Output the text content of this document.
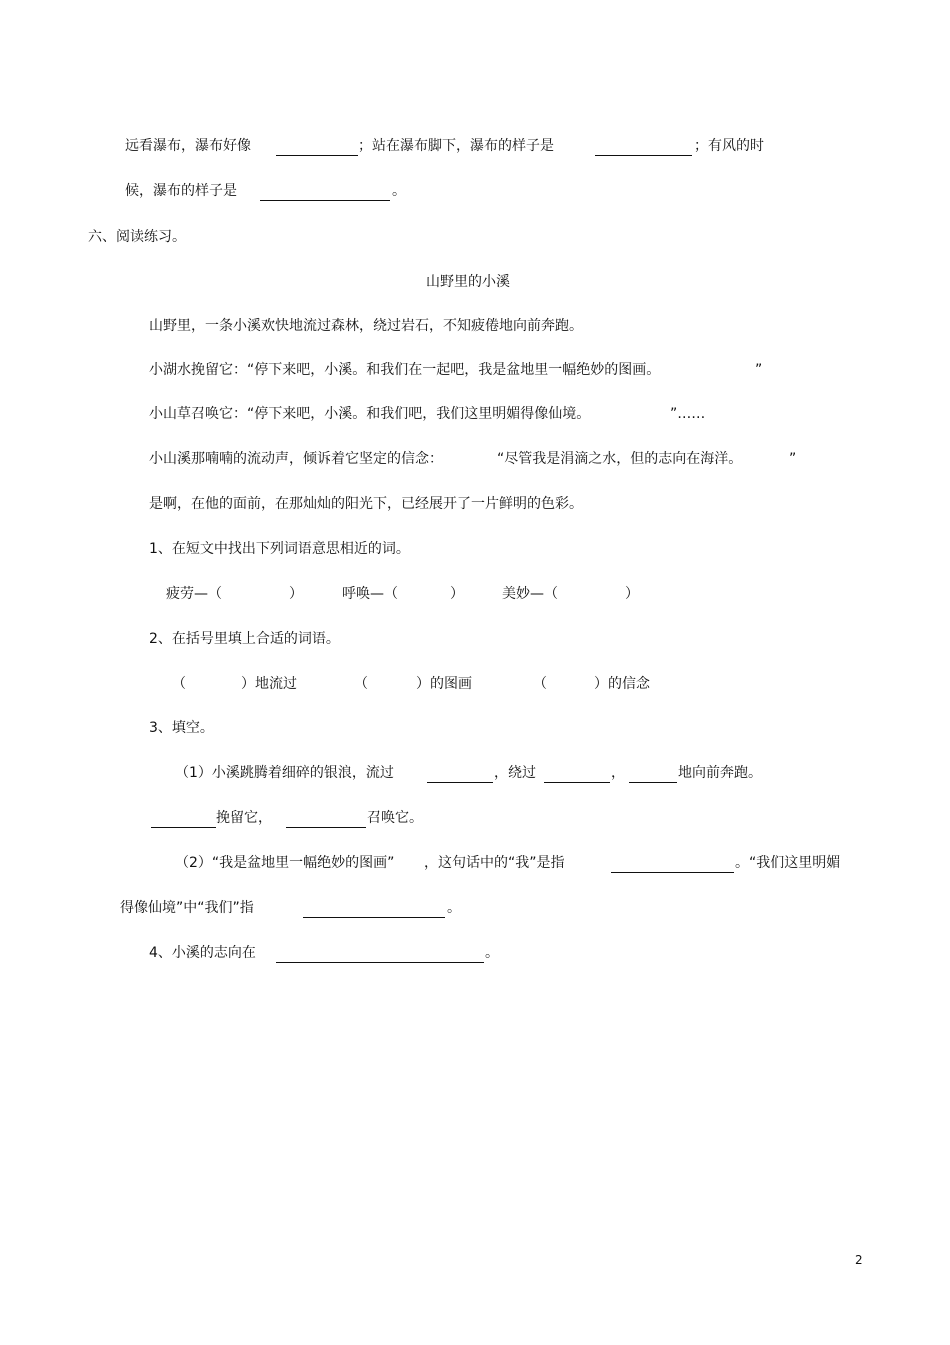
远看瀑布，瀑布好像	；站在瀑布脚下，瀑布的样子是	；有风的时
候，瀑布的样子是	。
六、阅读练习。
山野里的小溪
山野里，一条小溪欢快地流过森林，绕过岩石，不知疲倦地向前奔跑。
小湖水挽留它：“停下来吧，小溪。和我们在一起吧，我是盆地里一幅绝妙的图画。	”
小山草召唤它：“停下来吧，小溪。和我们吧，我们这里明媚得像仙境。	”……
小山溪那喃喃的流动声，倾诉着它坚定的信念：	“尽管我是涓滴之水，但的志向在海洋。	”
是啊，在他的面前，在那灿灿的阳光下，已经展开了一片鲜明的色彩。
1、在短文中找出下列词语意思相近的词。
疲劳—（	）	呼唤—（	）	美妙—（	）
2、在括号里填上合适的词语。
（	）地流过	（	）的图画	（	）的信念
3、填空。
（1）小溪跳腾着细碎的银浪，流过	，绕过	，	地向前奔跑。
挽留它，	召唤它。
（2）“我是盆地里一幅绝妙的图画” ，这句话中的“我”是指	。“我们这里明媚
得像仙境”中“我们”指	。
4、小溪的志向在	。
2
